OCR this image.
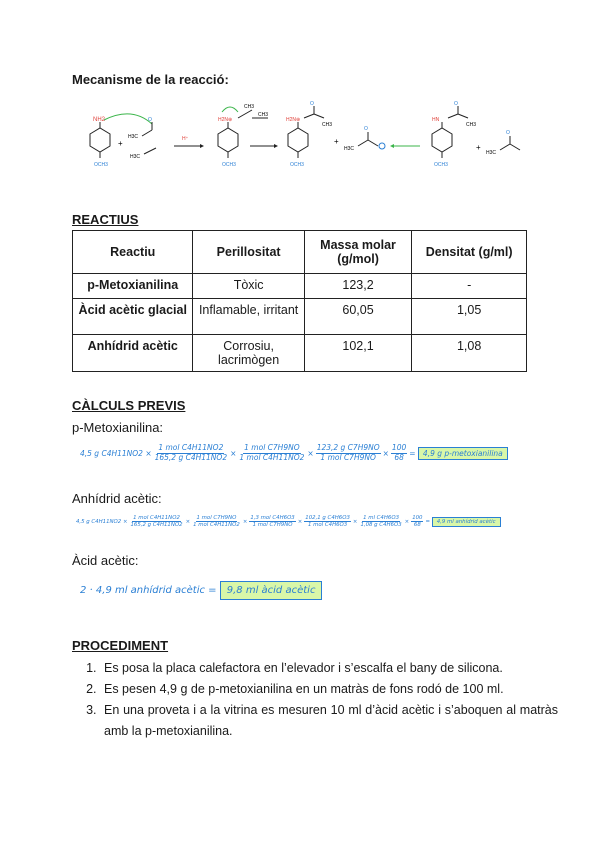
Mecanisme de la reacció:
NH2
OCH3
+
H3C
O
H3C
H⁺
H2N⊕
CH3
CH3
OCH3
H2N⊕
O
CH3
OCH3
+
H3C
O
HN
O
CH3
OCH3
+
H3C
O
REACTIUS
Reactiu	Perillositat	Massa molar (g/mol)	Densitat (g/ml)
p-Metoxianilina	Tòxic	123,2	-
Àcid acètic glacial	Inflamable, irritant	60,05	1,05
Anhídrid acètic	Corrosiu, lacrimògen	102,1	1,08
CÀLCULS PREVIS
p-Metoxianilina:
4,5 g $C4H11NO2 \times \frac{\text{1 mol C4H11NO2}}{\text{165,2 g C4H11NO2}} \times \frac{\text{1 mol C7H9NO}}{\text{1 mol C4H11NO2}} \times \frac{\text{123,2 g C7H9NO}}{\text{1 mol C7H9NO}} \times \frac{100}{68} = 4,9$ g p-metoxianilina
Anhídrid acètic:
4,5 g $C4H11NO2 \times \frac{\text{1 mol C4H11NO2}}{\text{165,2 g C4H11NO2}} \times \frac{\text{1 mol C7H9NO}}{\text{1 mol C4H11NO2}} \times \frac{\text{1,3 mol C4H6O3}}{\text{1 mol C7H9NO}} \times \frac{\text{102,1 g C4H6O3}}{\text{1 mol C4H6O3}} \times \frac{\text{1 ml C4H6O3}}{\text{1,08 g C4H6O3}} \times \frac{100}{68} = 4,9$ ml anhídrid acètic
Àcid acètic:
2 · 4,9 ml anhídrid acètic =
	9,8 ml àcid acètic
PROCEDIMENT
1. Es posa la placa calefactora en l’elevador i s’escalfa el bany de silicona.
2. Es pesen 4,9 g de p-metoxianilina en un matràs de fons rodó de 100 ml.
3. En una proveta i a la vitrina es mesuren 10 ml d’àcid acètic i s’aboquen al matràs amb la p-metoxianilina.
